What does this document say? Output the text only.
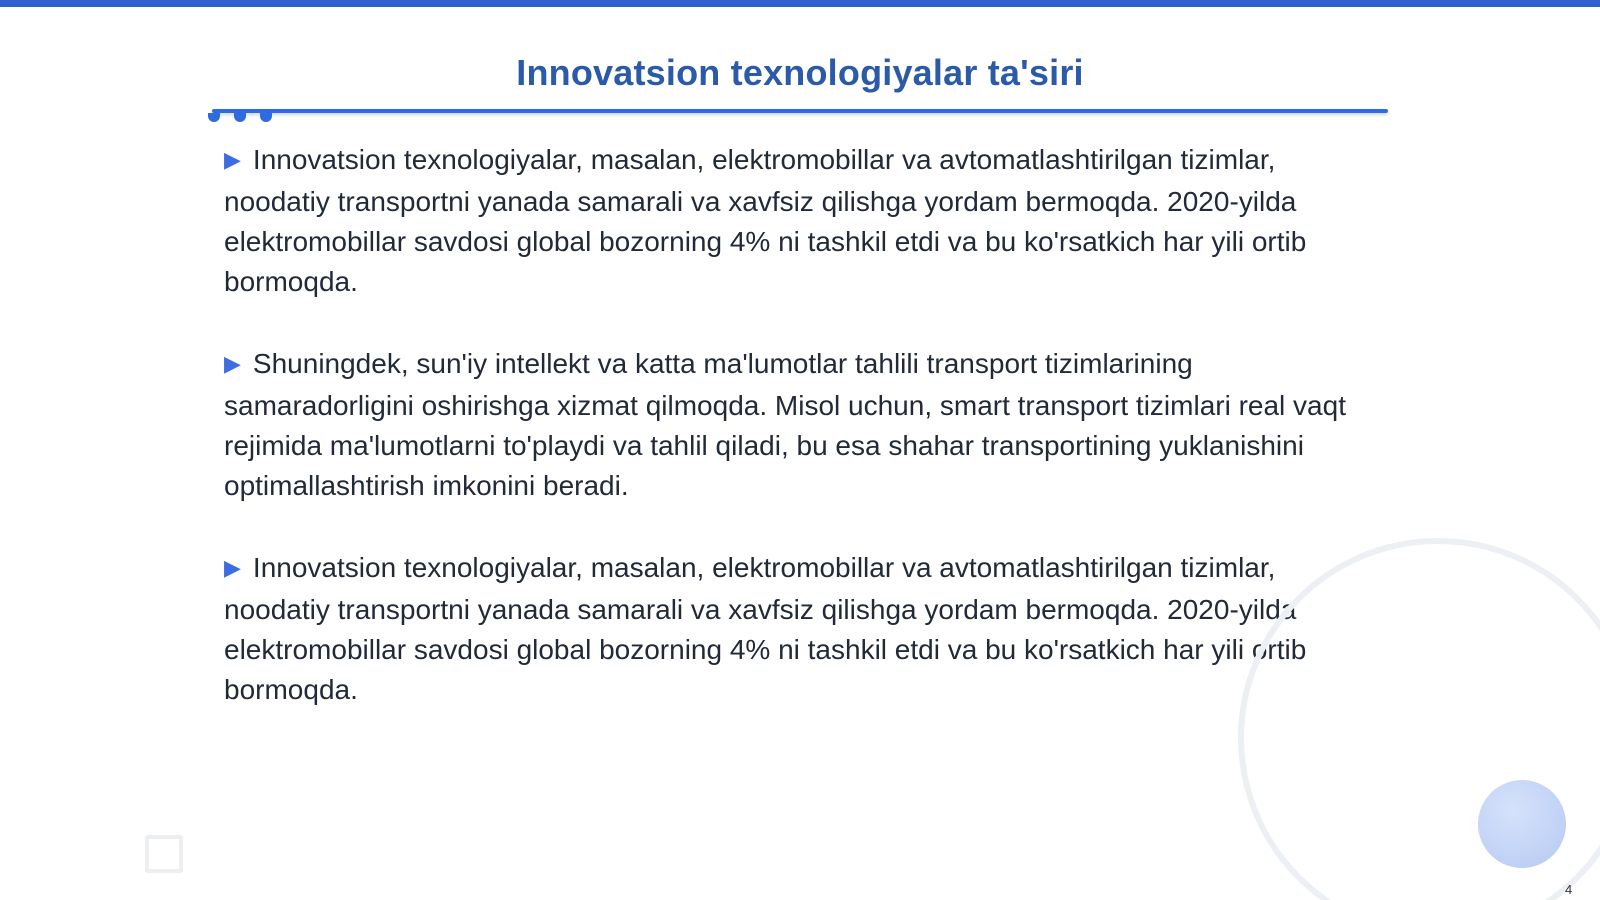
Innovatsion texnologiyalar ta'siri

▶ Innovatsion texnologiyalar, masalan, elektromobillar va avtomatlashtirilgan tizimlar, noodatiy transportni yanada samarali va xavfsiz qilishga yordam bermoqda. 2020-yilda elektromobillar savdosi global bozorning 4% ni tashkil etdi va bu ko'rsatkich har yili ortib bormoqda.

▶ Shuningdek, sun'iy intellekt va katta ma'lumotlar tahlili transport tizimlarining samaradorligini oshirishga xizmat qilmoqda. Misol uchun, smart transport tizimlari real vaqt rejimida ma'lumotlarni to'playdi va tahlil qiladi, bu esa shahar transportining yuklanishini optimallashtirish imkonini beradi.

▶ Innovatsion texnologiyalar, masalan, elektromobillar va avtomatlashtirilgan tizimlar, noodatiy transportni yanada samarali va xavfsiz qilishga yordam bermoqda. 2020-yilda elektromobillar savdosi global bozorning 4% ni tashkil etdi va bu ko'rsatkich har yili ortib bormoqda.

4
